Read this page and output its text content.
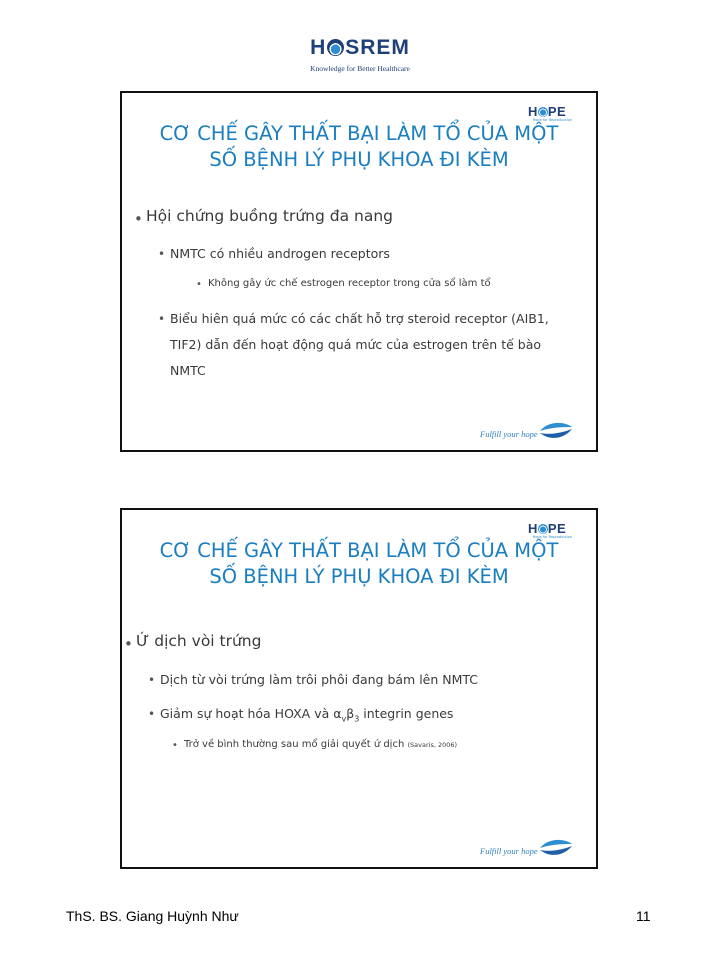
H SREM
Knowledge for Better Healthcare
H PE
Hope for Reproduction
CƠ CHẾ GÂY THẤT BẠI LÀM TỔ CỦA MỘT
SỐ BỆNH LÝ PHỤ KHOA ĐI KÈM
• Hội chứng buồng trứng đa nang
• NMTC có nhiều androgen receptors
• Không gây ức chế estrogen receptor trong cửa sổ làm tổ
• Biểu hiên quá mức có các chất hỗ trợ steroid receptor (AIB1,
TIF2) dẫn đến hoạt động quá mức của estrogen trên tế bào
NMTC
Fulfill your hope
H PE
Hope for Reproduction
CƠ CHẾ GÂY THẤT BẠI LÀM TỔ CỦA MỘT
SỐ BỆNH LÝ PHỤ KHOA ĐI KÈM
• Ứ dịch vòi trứng
• Dịch từ vòi trứng làm trôi phôi đang bám lên NMTC
• Giảm sự hoạt hóa HOXA và $\alpha_v\beta_3$ integrin genes
• Trở về bình thường sau mổ giải quyết ứ dịch (Savaris, 2006)
Fulfill your hope
ThS. BS. Giang Huỳnh Như	11
